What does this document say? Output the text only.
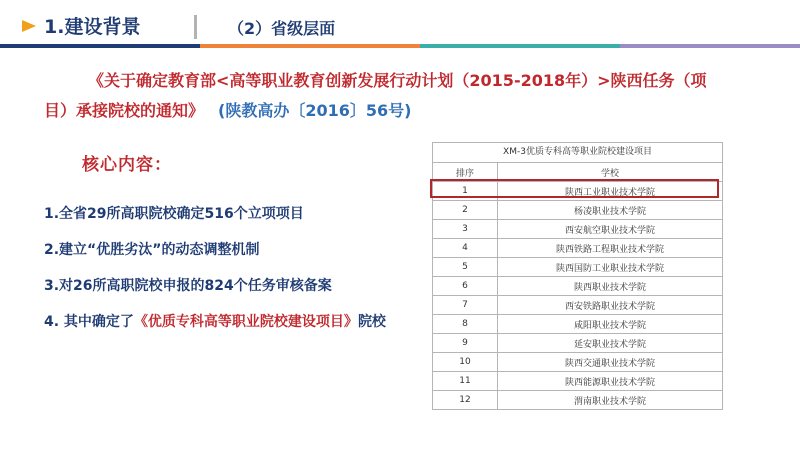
1.建设背景	（2）省级层面
《关于确定教育部<高等职业教育创新发展行动计划（2015-2018年）>陕西任务（项
目）承接院校的通知》 (陕教高办〔2016〕56号)
核心内容：
1.全省29所高职院校确定516个立项项目
2.建立“优胜劣汰”的动态调整机制
3.对26所高职院校申报的824个任务审核备案
4. 其中确定了《优质专科高等职业院校建设项目》院校
XM-3优质专科高等职业院校建设项目
排序	学校
1	陕西工业职业技术学院
2	杨凌职业技术学院
3	西安航空职业技术学院
4	陕西铁路工程职业技术学院
5	陕西国防工业职业技术学院
6	陕西职业技术学院
7	西安铁路职业技术学院
8	咸阳职业技术学院
9	延安职业技术学院
10	陕西交通职业技术学院
11	陕西能源职业技术学院
12	渭南职业技术学院
